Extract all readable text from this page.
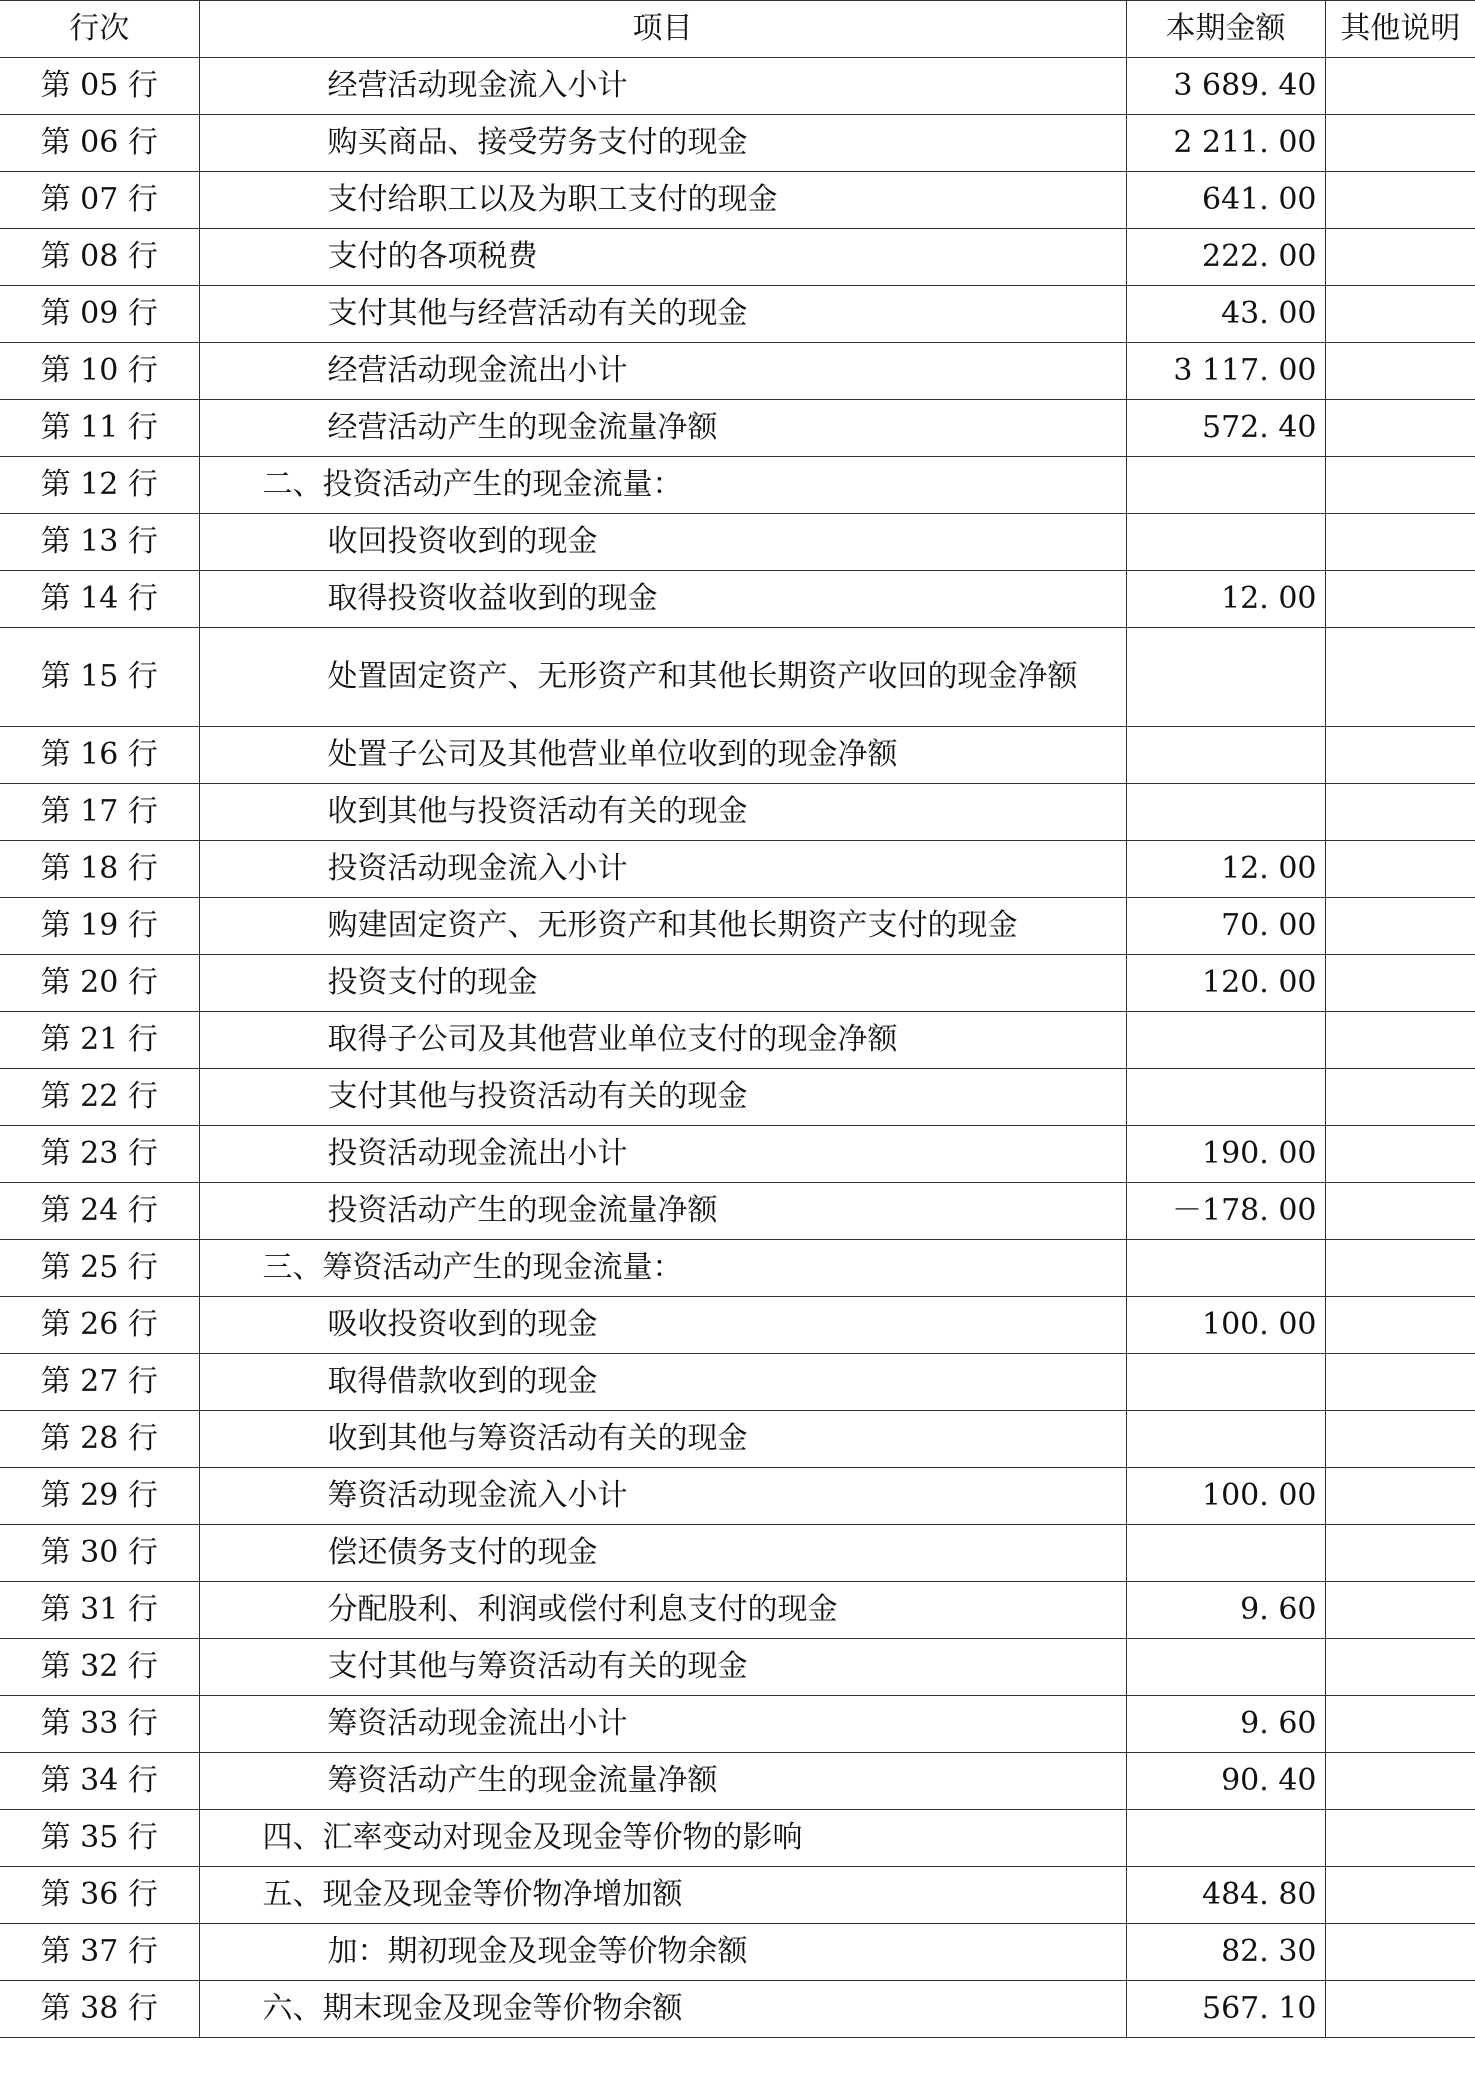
行次	项目	本期金额	其他说明
第 05 行	经营活动现金流入小计	3 689. 40	
第 06 行	购买商品、接受劳务支付的现金	2 211. 00	
第 07 行	支付给职工以及为职工支付的现金	641. 00	
第 08 行	支付的各项税费	222. 00	
第 09 行	支付其他与经营活动有关的现金	43. 00	
第 10 行	经营活动现金流出小计	3 117. 00	
第 11 行	经营活动产生的现金流量净额	572. 40	
第 12 行	二、投资活动产生的现金流量：		
第 13 行	收回投资收到的现金		
第 14 行	取得投资收益收到的现金	12. 00	
第 15 行	处置固定资产、无形资产和其他长期资产收回的现金净额		
第 16 行	处置子公司及其他营业单位收到的现金净额		
第 17 行	收到其他与投资活动有关的现金		
第 18 行	投资活动现金流入小计	12. 00	
第 19 行	购建固定资产、无形资产和其他长期资产支付的现金	70. 00	
第 20 行	投资支付的现金	120. 00	
第 21 行	取得子公司及其他营业单位支付的现金净额		
第 22 行	支付其他与投资活动有关的现金		
第 23 行	投资活动现金流出小计	190. 00	
第 24 行	投资活动产生的现金流量净额	－178. 00	
第 25 行	三、筹资活动产生的现金流量：		
第 26 行	吸收投资收到的现金	100. 00	
第 27 行	取得借款收到的现金		
第 28 行	收到其他与筹资活动有关的现金		
第 29 行	筹资活动现金流入小计	100. 00	
第 30 行	偿还债务支付的现金		
第 31 行	分配股利、利润或偿付利息支付的现金	9. 60	
第 32 行	支付其他与筹资活动有关的现金		
第 33 行	筹资活动现金流出小计	9. 60	
第 34 行	筹资活动产生的现金流量净额	90. 40	
第 35 行	四、汇率变动对现金及现金等价物的影响		
第 36 行	五、现金及现金等价物净增加额	484. 80	
第 37 行	加：期初现金及现金等价物余额	82. 30	
第 38 行	六、期末现金及现金等价物余额	567. 10	
